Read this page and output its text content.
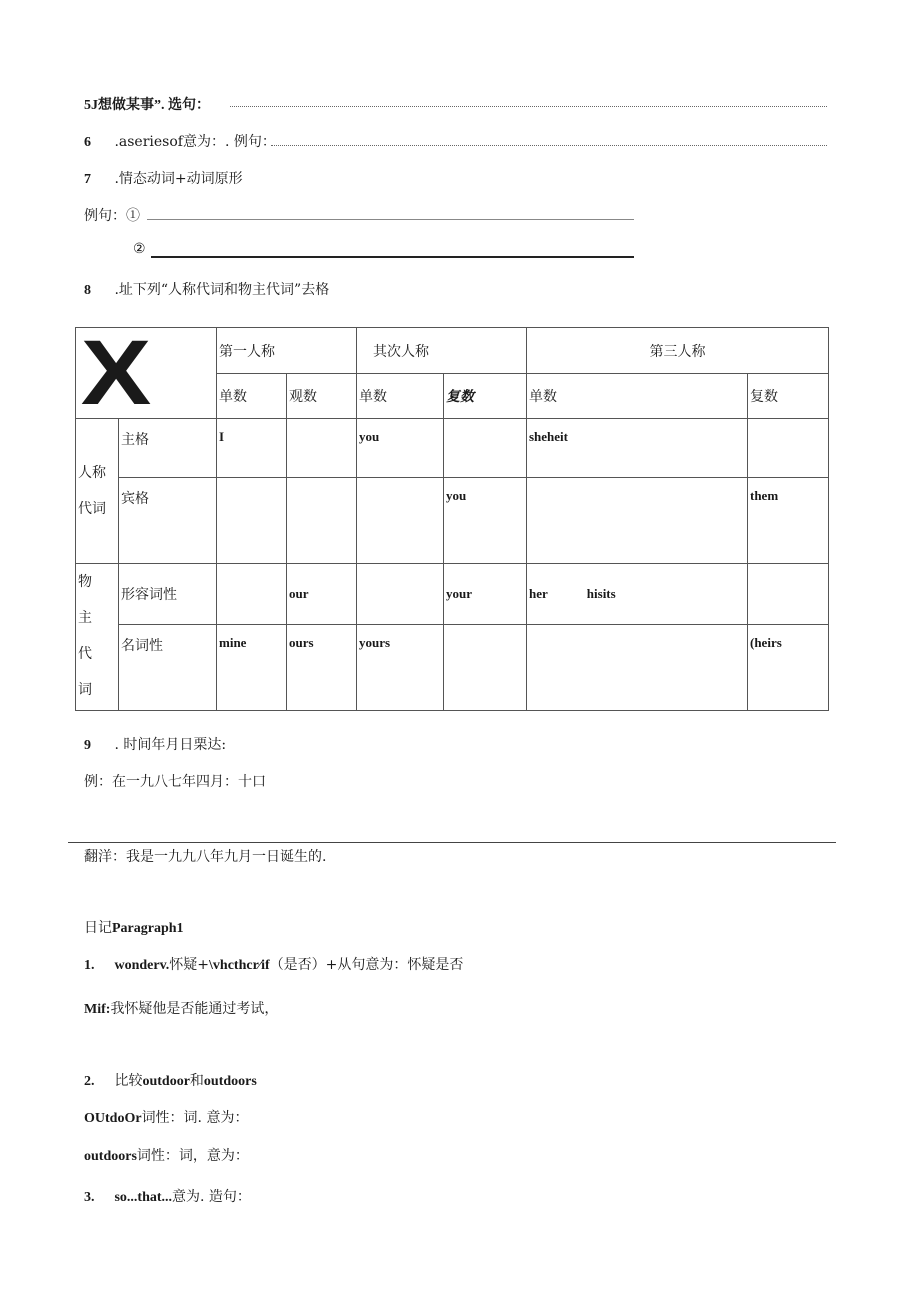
5J想做某事”. 选句：
6 .aseriesof意为：. 例句：
7 .情态动词+动词原形
例句：①
②
8 .址下列“人称代词和物主代词”去格
X		第一人称		其次人称		第三人称	
		单数	观数	单数	复数	单数	复数
人称代词	主格	I		you		sheheit	
	宾格				you		them

物
主
代
词	形容词性		our		your	her hisits	
	名词性	mine	ours	yours			(heirs
9 . 时间年月日栗达:
例：在一九八七年四月：十口
翻洋：我是一九九八年九月一日诞生的.
日记Paragraph1
1. wonderv.怀疑+\vhcthcr∕if（是否）+从句意为：怀疑是否
Mif:我怀疑他是否能通过考试，
2. 比较outdoor和outdoors
OUtdoOr词性：词. 意为：
outdoors词性：词，意为：
3. so...that...意为. 造句：
